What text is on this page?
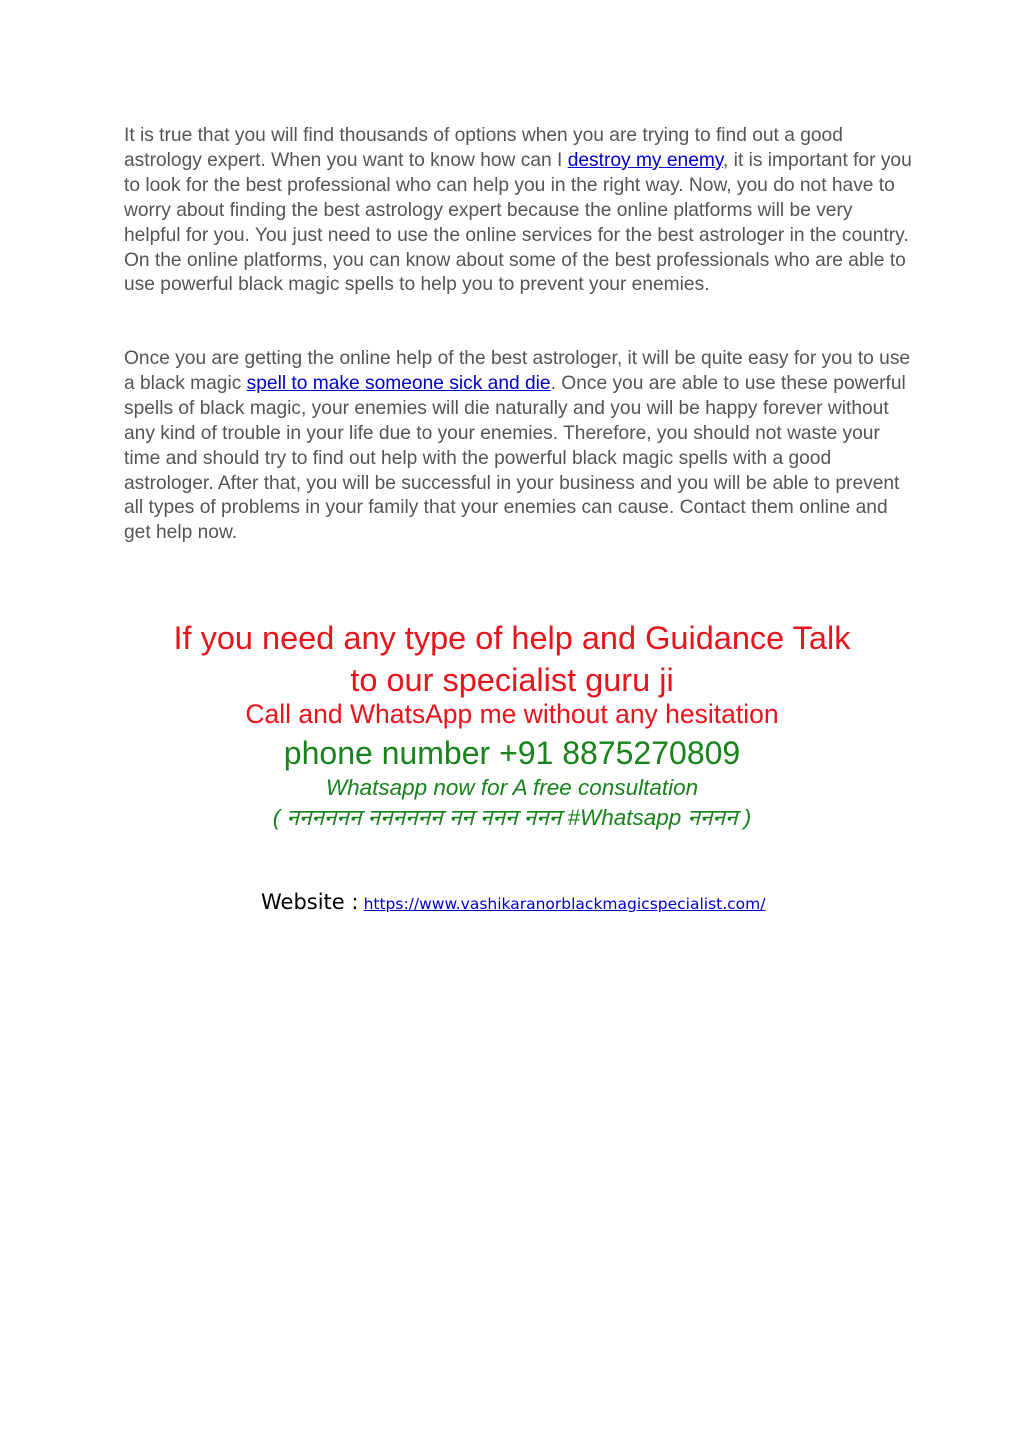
It is true that you will find thousands of options when you are trying to find out a good astrology expert. When you want to know how can I destroy my enemy, it is important for you to look for the best professional who can help you in the right way. Now, you do not have to worry about finding the best astrology expert because the online platforms will be very helpful for you. You just need to use the online services for the best astrologer in the country. On the online platforms, you can know about some of the best professionals who are able to use powerful black magic spells to help you to prevent your enemies.

Once you are getting the online help of the best astrologer, it will be quite easy for you to use a black magic spell to make someone sick and die. Once you are able to use these powerful spells of black magic, your enemies will die naturally and you will be happy forever without any kind of trouble in your life due to your enemies. Therefore, you should not waste your time and should try to find out help with the powerful black magic spells with a good astrologer. After that, you will be successful in your business and you will be able to prevent all types of problems in your family that your enemies can cause. Contact them online and get help now.

If you need any type of help and Guidance Talk
to our specialist guru ji

Call and WhatsApp me without any hesitation

phone number +91 8875270809

Whatsapp now for A free consultation

( नननननन नननननन नन ननन ननन #Whatsapp नननन )

Website : https://www.vashikaranorblackmagicspecialist.com/
